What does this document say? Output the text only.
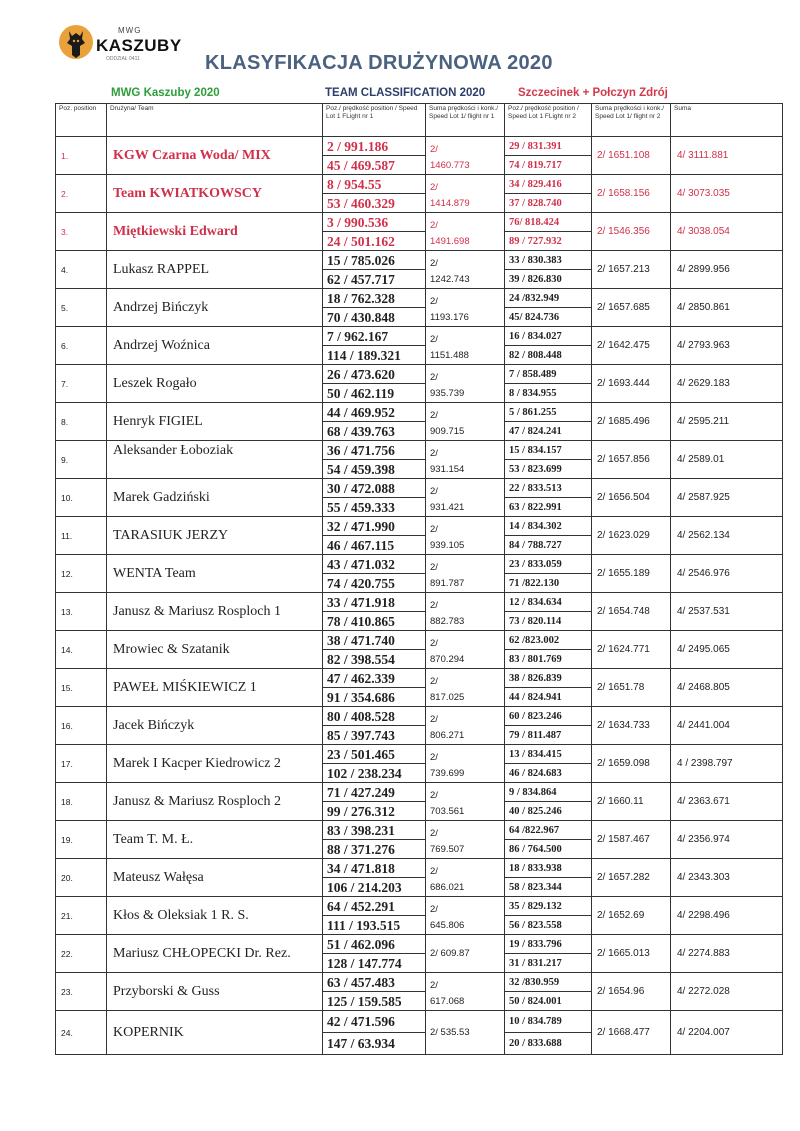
MWG
KASZUBY
ODDZIAŁ 0411	KLASYFIKACJA DRUŻYNOWA 2020
MWG Kaszuby 2020	TEAM CLASSIFICATION 2020	Szczecinek + Połczyn Zdrój
Poz. position	Drużyna/ Team	Poz./ prędkość position / Speed Lot 1 FLight nr 1	Suma prędkości i konk./ Speed Lot 1/ flight nr 1	Poz./ prędkość position / Speed Lot 1 FLight nr 2	Suma prędkości i konk./ Speed Lot 1/ flight nr 2	Suma
1.	KGW Czarna Woda/ MIX	2 / 991.186	2/
1460.773	29 / 831.391	2/ 1651.108	4/ 3111.881
		45 / 469.587		74 / 819.717		
2.	Team KWIATKOWSCY	8 / 954.55	2/
1414.879	34 / 829.416	2/ 1658.156	4/ 3073.035
		53 / 460.329		37 / 828.740		
3.	Miętkiewski Edward	3 / 990.536	2/
1491.698	76/ 818.424	2/ 1546.356	4/ 3038.054
		24 / 501.162		89 / 727.932		
4.	Lukasz RAPPEL	15 / 785.026	2/
1242.743	33 / 830.383	2/ 1657.213	4/ 2899.956
		62 / 457.717		39 / 826.830		
5.	Andrzej Bińczyk	18 / 762.328	2/
1193.176	24 /832.949	2/ 1657.685	4/ 2850.861
		70 / 430.848		45/ 824.736		
6.	Andrzej Woźnica	7 / 962.167	2/
1151.488	16 / 834.027	2/ 1642.475	4/ 2793.963
		114 / 189.321		82 / 808.448		
7.	Leszek Rogało	26 / 473.620	2/
935.739	7 / 858.489	2/ 1693.444	4/ 2629.183
		50 / 462.119		8 / 834.955		
8.	Henryk FIGIEL	44 / 469.952	2/
909.715	5 / 861.255	2/ 1685.496	4/ 2595.211
		68 / 439.763		47 / 824.241		
9.	Aleksander Łoboziak	36 / 471.756	2/
931.154	15 / 834.157	2/ 1657.856	4/ 2589.01
		54 / 459.398		53 / 823.699		
10.	Marek Gadziński	30 / 472.088	2/
931.421	22 / 833.513	2/ 1656.504	4/ 2587.925
		55 / 459.333		63 / 822.991		
11.	TARASIUK JERZY	32 / 471.990	2/
939.105	14 / 834.302	2/ 1623.029	4/ 2562.134
		46 / 467.115		84 / 788.727		
12.	WENTA Team	43 / 471.032	2/
891.787	23 / 833.059	2/ 1655.189	4/ 2546.976
		74 / 420.755		71 /822.130		
13.	Janusz & Mariusz Rosploch 1	33 / 471.918	2/
882.783	12 / 834.634	2/ 1654.748	4/ 2537.531
		78 / 410.865		73 / 820.114		
14.	Mrowiec & Szatanik	38 / 471.740	2/
870.294	62 /823.002	2/ 1624.771	4/ 2495.065
		82 / 398.554		83 / 801.769		
15.	PAWEŁ MIŚKIEWICZ 1	47 / 462.339	2/
817.025	38 / 826.839	2/ 1651.78	4/ 2468.805
		91 / 354.686		44 / 824.941		
16.	Jacek Bińczyk	80 / 408.528	2/
806.271	60 / 823.246	2/ 1634.733	4/ 2441.004
		85 / 397.743		79 / 811.487		
17.	Marek I Kacper Kiedrowicz 2	23 / 501.465	2/
739.699	13 / 834.415	2/ 1659.098	4 / 2398.797
		102 / 238.234		46 / 824.683		
18.	Janusz & Mariusz Rosploch 2	71 / 427.249	2/
703.561	9 / 834.864	2/ 1660.11	4/ 2363.671
		99 / 276.312		40 / 825.246		
19.	Team T. M. Ł.	83 / 398.231	2/
769.507	64 /822.967	2/ 1587.467	4/ 2356.974
		88 / 371.276		86 / 764.500		
20.	Mateusz Wałęsa	34 / 471.818	2/
686.021	18 / 833.938	2/ 1657.282	4/ 2343.303
		106 / 214.203		58 / 823.344		
21.	Kłos & Oleksiak 1 R. S.	64 / 452.291	2/
645.806	35 / 829.132	2/ 1652.69	4/ 2298.496
		111 / 193.515		56 / 823.558		
22.	Mariusz CHŁOPECKI Dr. Rez.	51 / 462.096	2/ 609.87	19 / 833.796	2/ 1665.013	4/ 2274.883
		128 / 147.774		31 / 831.217		
23.	Przyborski & Guss	63 / 457.483	2/
617.068	32 /830.959	2/ 1654.96	4/ 2272.028
		125 / 159.585		50 / 824.001		
24.	KOPERNIK	42 / 471.596	2/ 535.53	10 / 834.789	2/ 1668.477	4/ 2204.007
		147 / 63.934		20 / 833.688		
